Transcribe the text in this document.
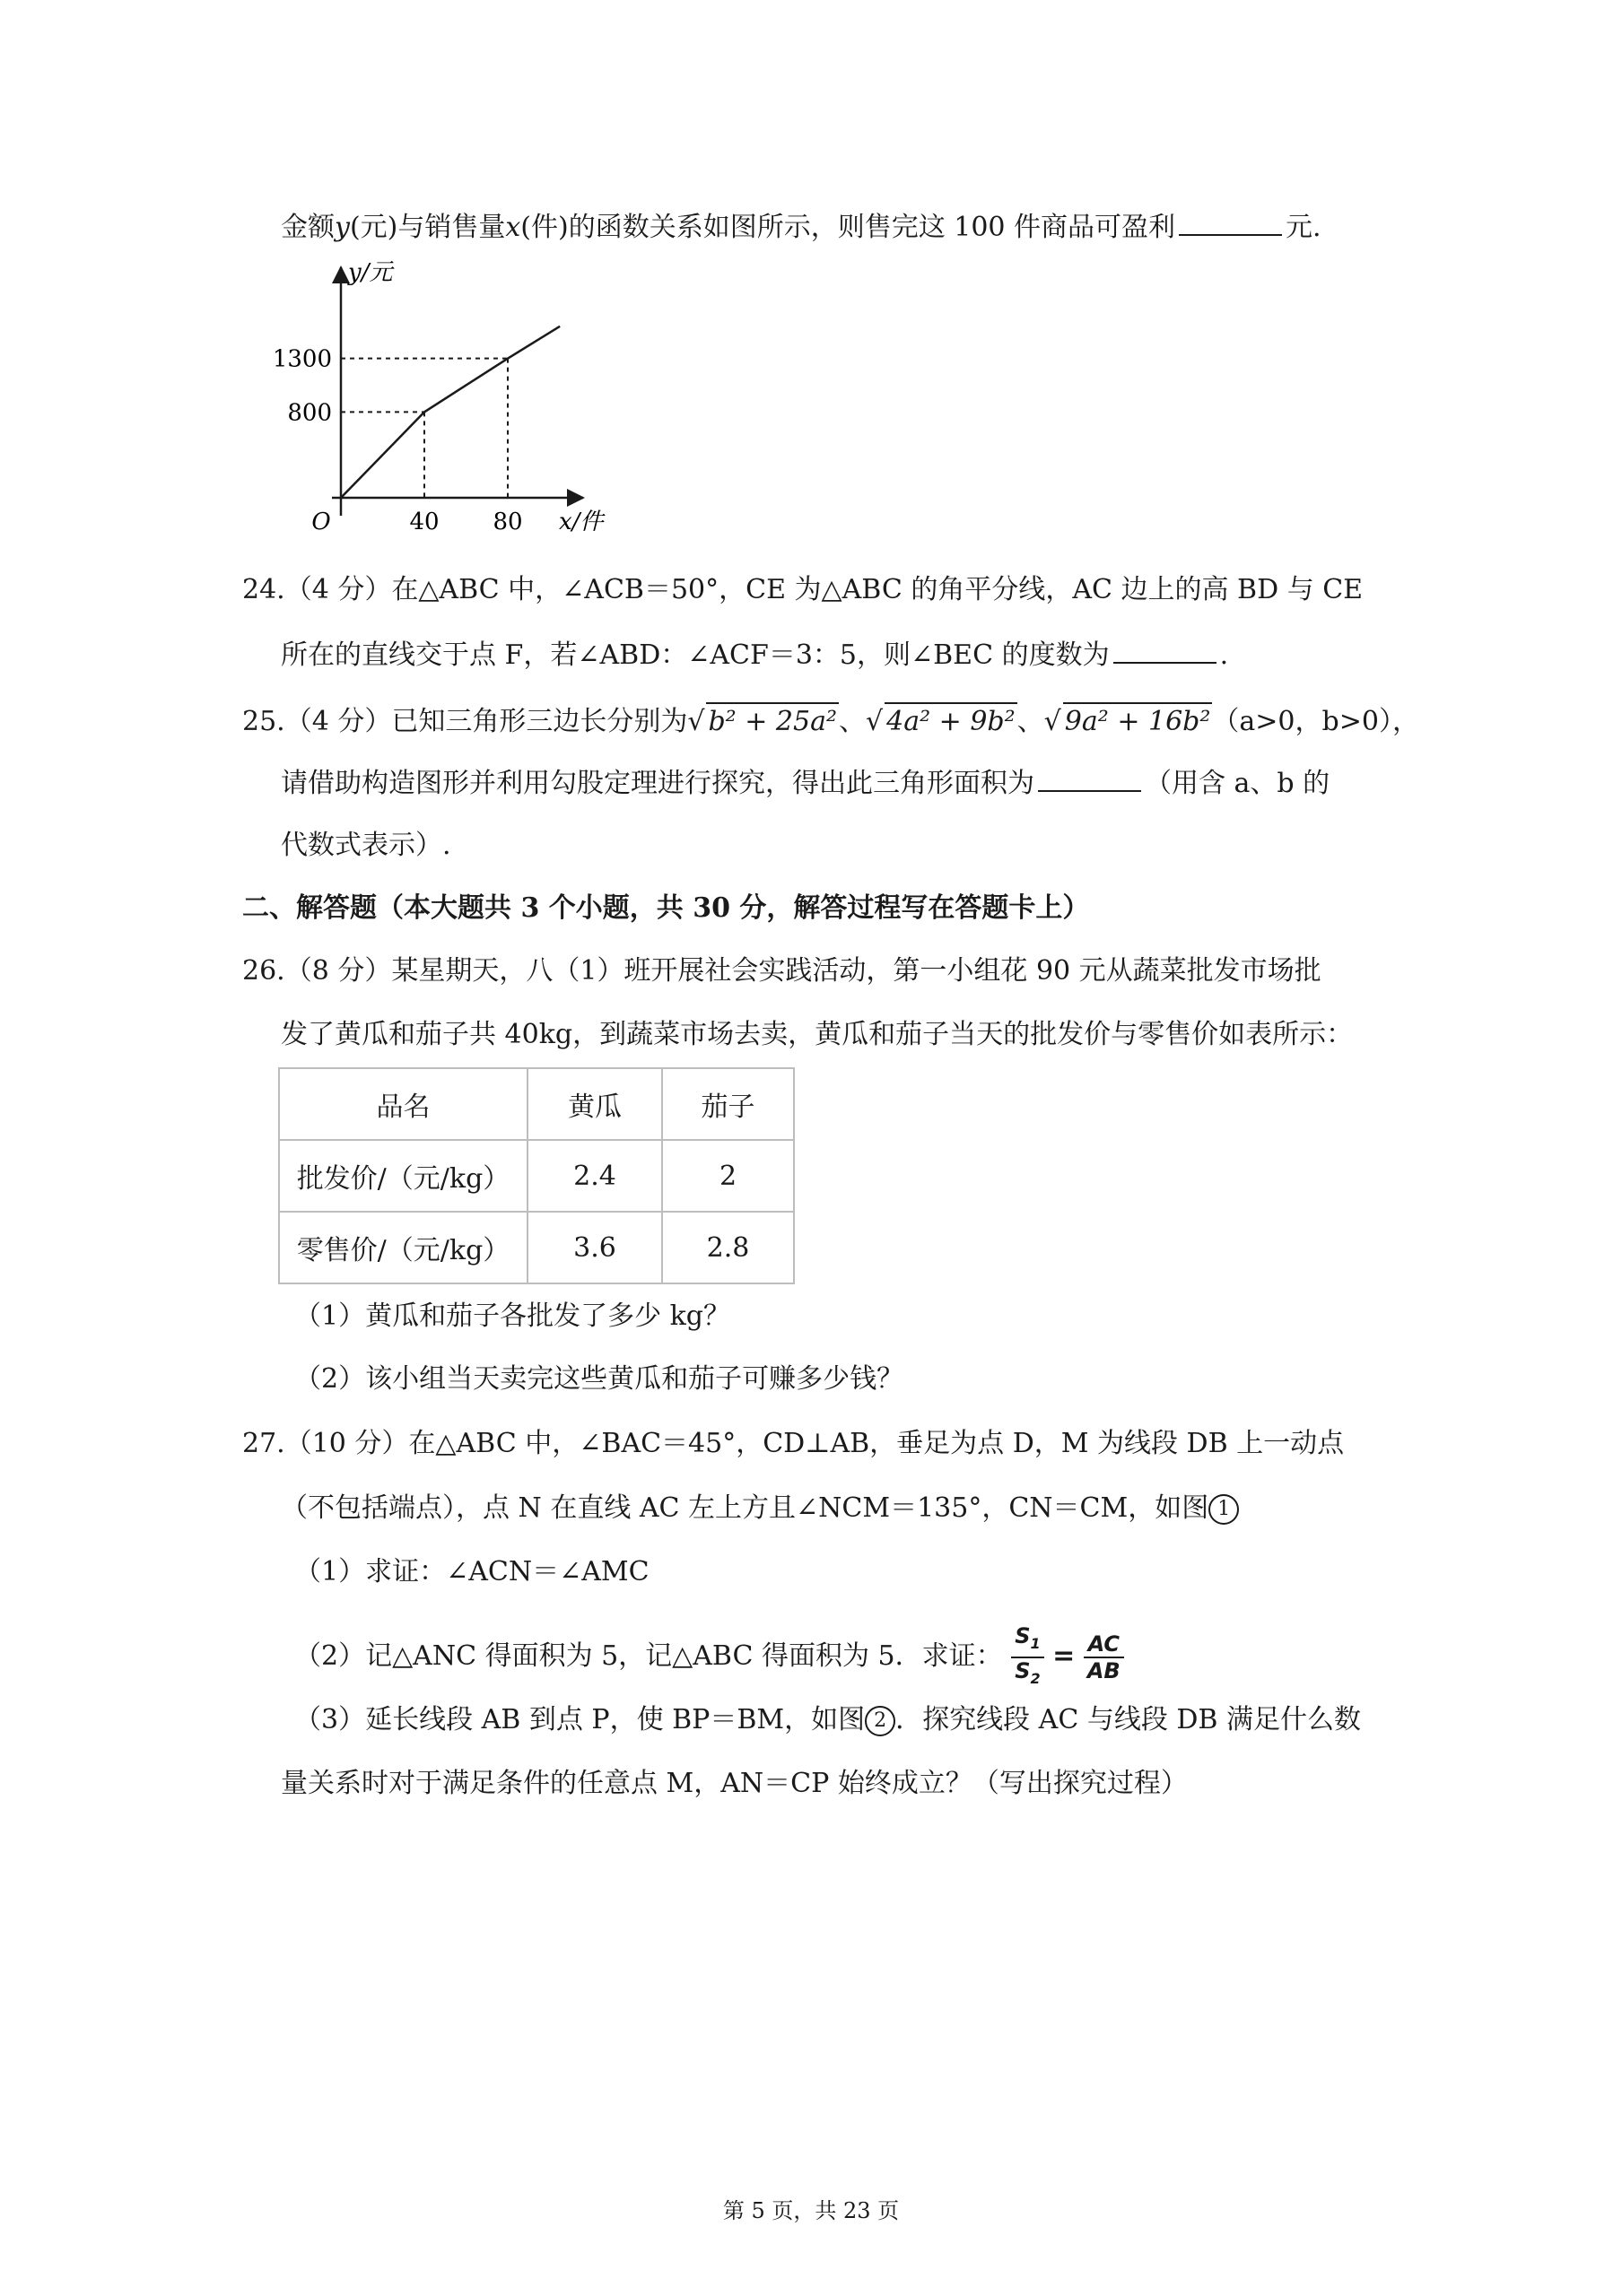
金额y(元)与销售量x(件)的函数关系如图所示，则售完这 100 件商品可盈利	元.
40 80
800
1300
O
y/元
x/件
24.（4 分）在△ABC 中，∠ACB＝50°，CE 为△ABC 的角平分线，AC 边上的高 BD 与 CE
所在的直线交于点 F，若∠ABD：∠ACF＝3：5，则∠BEC 的度数为	.
25.（4 分）已知三角形三边长分别为√ b² + 25a²、√ 4a² + 9b²、√ 9a² + 16b²（a>0，b>0），
请借助构造图形并利用勾股定理进行探究，得出此三角形面积为	（用含 a、b 的
代数式表示）.
二、解答题（本大题共 3 个小题，共 30 分，解答过程写在答题卡上）
26.（8 分）某星期天，八（1）班开展社会实践活动，第一小组花 90 元从蔬菜批发市场批
发了黄瓜和茄子共 40kg，到蔬菜市场去卖，黄瓜和茄子当天的批发价与零售价如表所示：
品名	黄瓜	茄子
批发价/（元/kg）	2.4	2
零售价/（元/kg）	3.6	2.8
（1）黄瓜和茄子各批发了多少 kg？
（2）该小组当天卖完这些黄瓜和茄子可赚多少钱？
27.（10 分）在△ABC 中，∠BAC＝45°，CD⊥AB，垂足为点 D，M 为线段 DB 上一动点
（不包括端点），点 N 在直线 AC 左上方且∠NCM＝135°，CN＝CM，如图 1
（1）求证：∠ACN＝∠AMC
（2）记△ANC 得面积为 5，记△ABC 得面积为 5．求证： $\frac{S_1}{S_2} = \frac{AC}{AB}$
（3）延长线段 AB 到点 P，使 BP＝BM，如图 2 ．探究线段 AC 与线段 DB 满足什么数
量关系时对于满足条件的任意点 M，AN＝CP 始终成立？（写出探究过程）
第 5 页，共 23 页
